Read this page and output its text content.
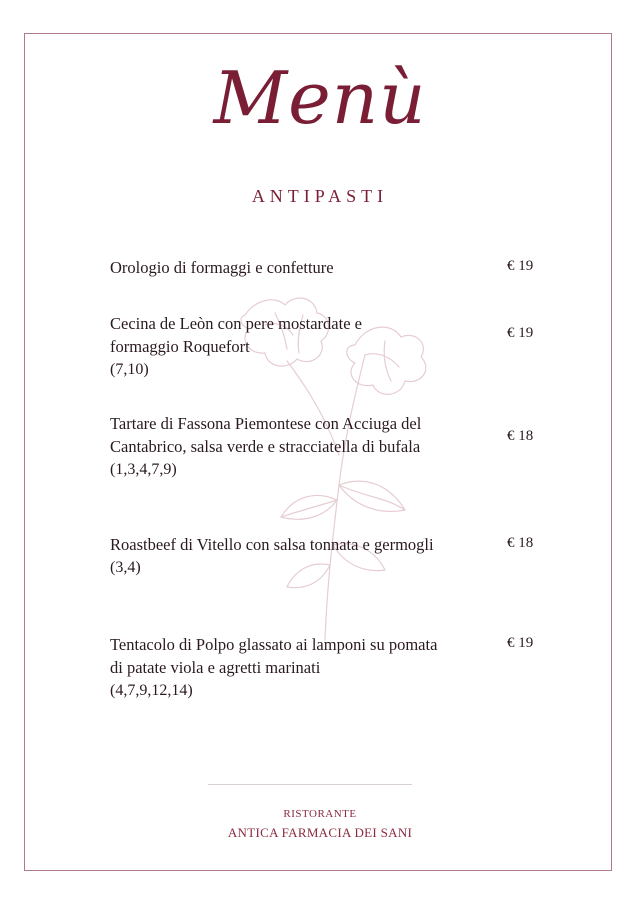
Menù
ANTIPASTI
Orologio di formaggi e confetture	€ 19
Cecina de Leòn con pere mostardate e formaggio Roquefort
(7,10)
€ 19
Tartare di Fassona Piemontese con Acciuga del Cantabrico, salsa verde e stracciatella di bufala
(1,3,4,7,9)
€ 18
Roastbeef di Vitello con salsa tonnata e germogli
(3,4)
€ 18
Tentacolo di Polpo glassato ai lamponi su pomata di patate viola e agretti marinati
(4,7,9,12,14)
€ 19
RISTORANTE
ANTICA FARMACIA DEI SANI
